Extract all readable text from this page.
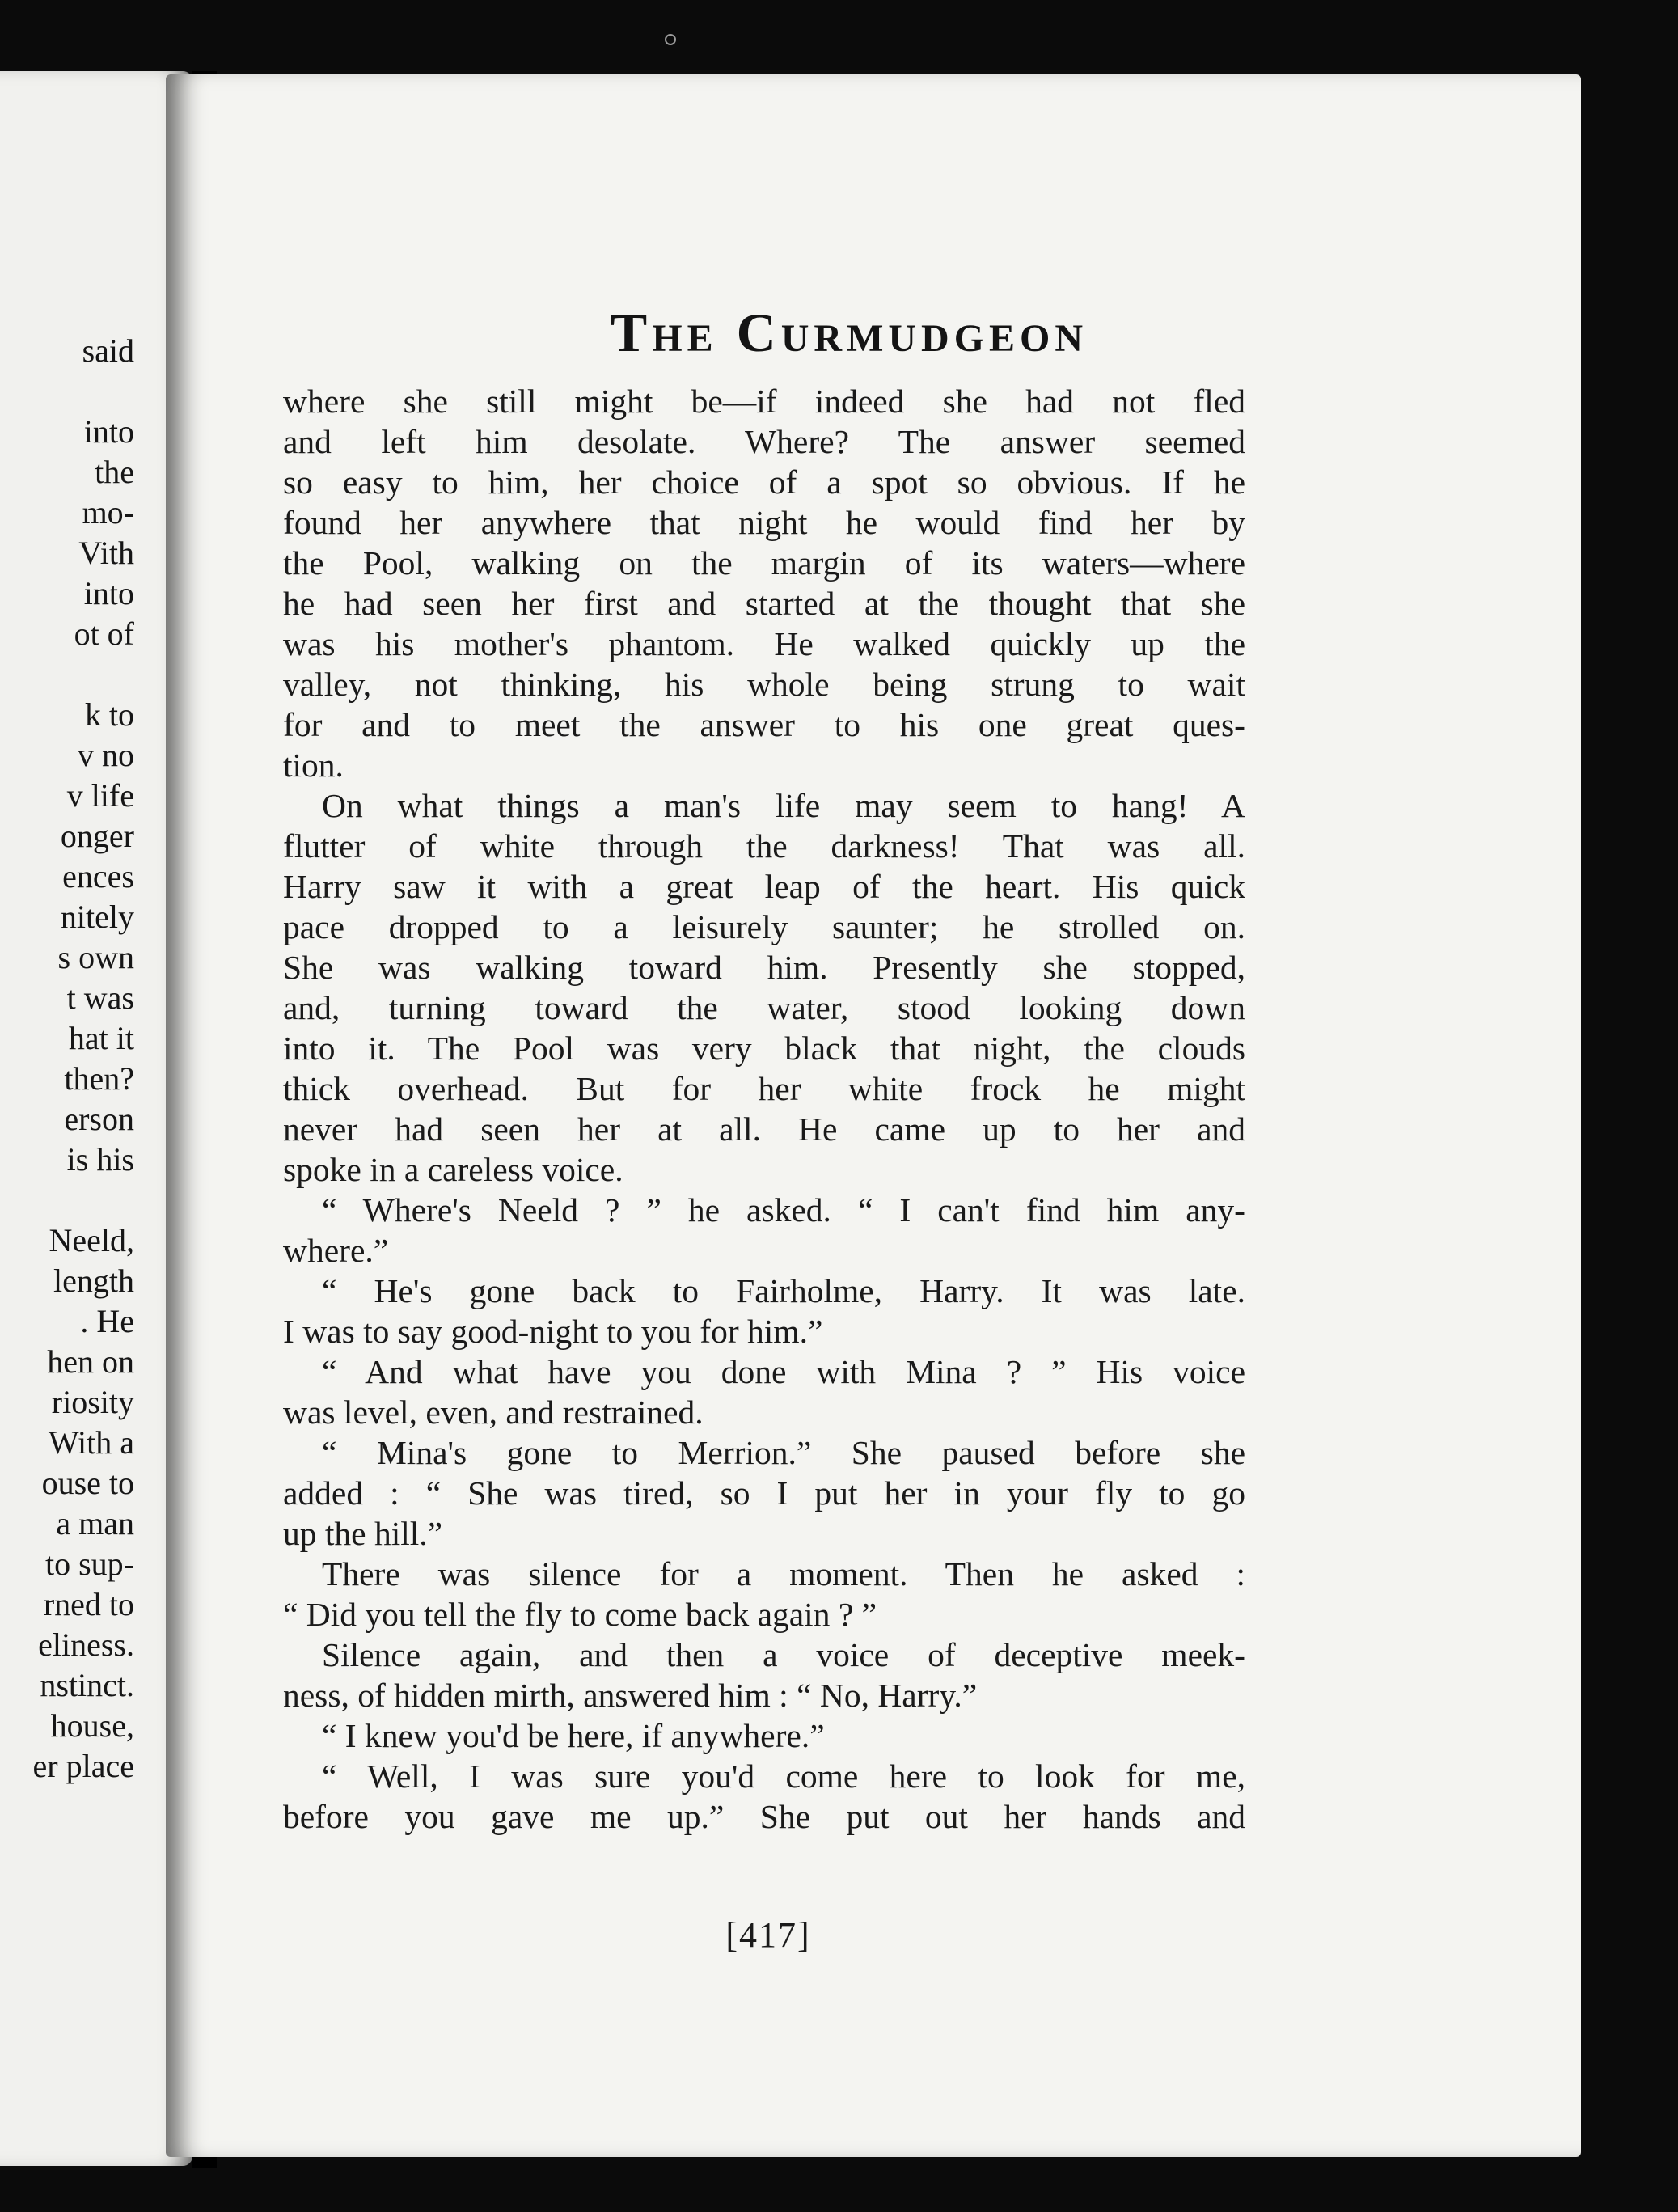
said
into
the
mo-
Vith
into
ot of
k to
v no
v life
onger
ences
nitely
s own
t was
hat it
then?
erson
is his
Neeld,
length
. He
hen on
riosity
With a
ouse to
a man
to sup-
rned to
eliness.
nstinct.
house,
er place
The Curmudgeon
where she still might be—if indeed she had not fled
and left him desolate. Where? The answer seemed
so easy to him, her choice of a spot so obvious. If he
found her anywhere that night he would find her by
the Pool, walking on the margin of its waters—where
he had seen her first and started at the thought that she
was his mother's phantom. He walked quickly up the
valley, not thinking, his whole being strung to wait
for and to meet the answer to his one great ques-
tion.
On what things a man's life may seem to hang! A
flutter of white through the darkness! That was all.
Harry saw it with a great leap of the heart. His quick
pace dropped to a leisurely saunter; he strolled on.
She was walking toward him. Presently she stopped,
and, turning toward the water, stood looking down
into it. The Pool was very black that night, the clouds
thick overhead. But for her white frock he might
never had seen her at all. He came up to her and
spoke in a careless voice.
“ Where's Neeld ? ” he asked. “ I can't find him any-
where.”
“ He's gone back to Fairholme, Harry. It was late.
I was to say good-night to you for him.”
“ And what have you done with Mina ? ” His voice
was level, even, and restrained.
“ Mina's gone to Merrion.” She paused before she
added : “ She was tired, so I put her in your fly to go
up the hill.”
There was silence for a moment. Then he asked :
“ Did you tell the fly to come back again ? ”
Silence again, and then a voice of deceptive meek-
ness, of hidden mirth, answered him : “ No, Harry.”
“ I knew you'd be here, if anywhere.”
“ Well, I was sure you'd come here to look for me,
before you gave me up.” She put out her hands and
[417]
